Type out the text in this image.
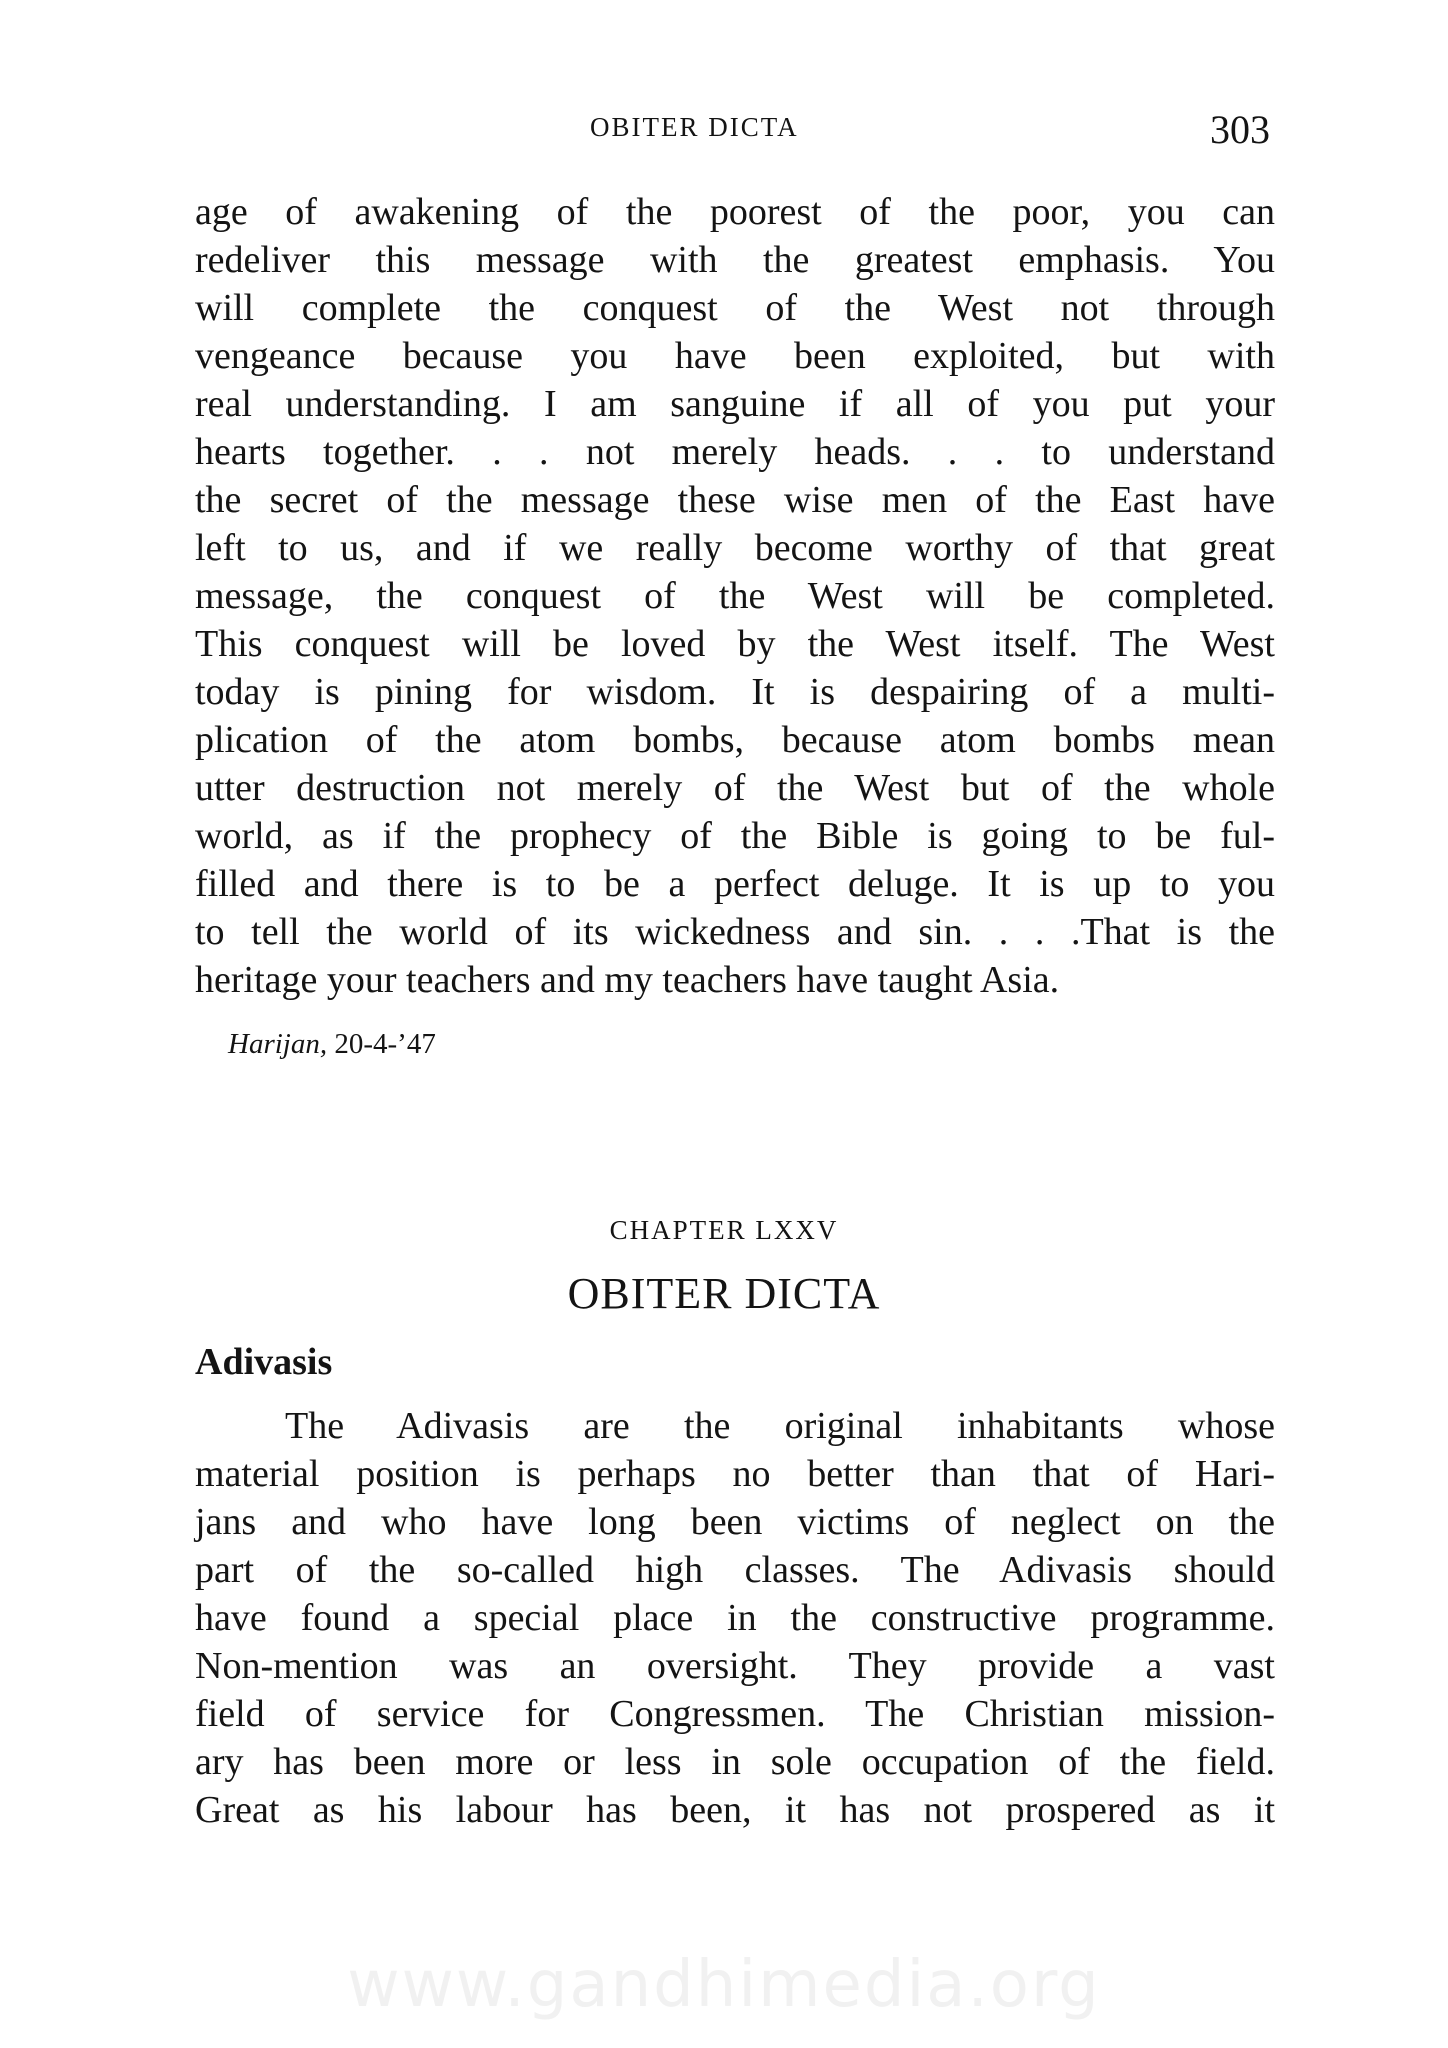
OBITER DICTA	303
age of awakening of the poorest of the poor, you can
redeliver this message with the greatest emphasis. You
will complete the conquest of the West not through
vengeance because you have been exploited, but with
real understanding. I am sanguine if all of you put your
hearts together. . . not merely heads. . . to understand
the secret of the message these wise men of the East have
left to us, and if we really become worthy of that great
message, the conquest of the West will be completed.
This conquest will be loved by the West itself. The West
today is pining for wisdom. It is despairing of a multi-
plication of the atom bombs, because atom bombs mean
utter destruction not merely of the West but of the whole
world, as if the prophecy of the Bible is going to be ful-
filled and there is to be a perfect deluge. It is up to you
to tell the world of its wickedness and sin. . . .That is the
heritage your teachers and my teachers have taught Asia.
Harijan, 20-4-’47
CHAPTER LXXV
OBITER DICTA
Adivasis
The Adivasis are the original inhabitants whose
material position is perhaps no better than that of Hari-
jans and who have long been victims of neglect on the
part of the so-called high classes. The Adivasis should
have found a special place in the constructive programme.
Non-mention was an oversight. They provide a vast
field of service for Congressmen. The Christian mission-
ary has been more or less in sole occupation of the field.
Great as his labour has been, it has not prospered as it
www.gandhimedia.org
